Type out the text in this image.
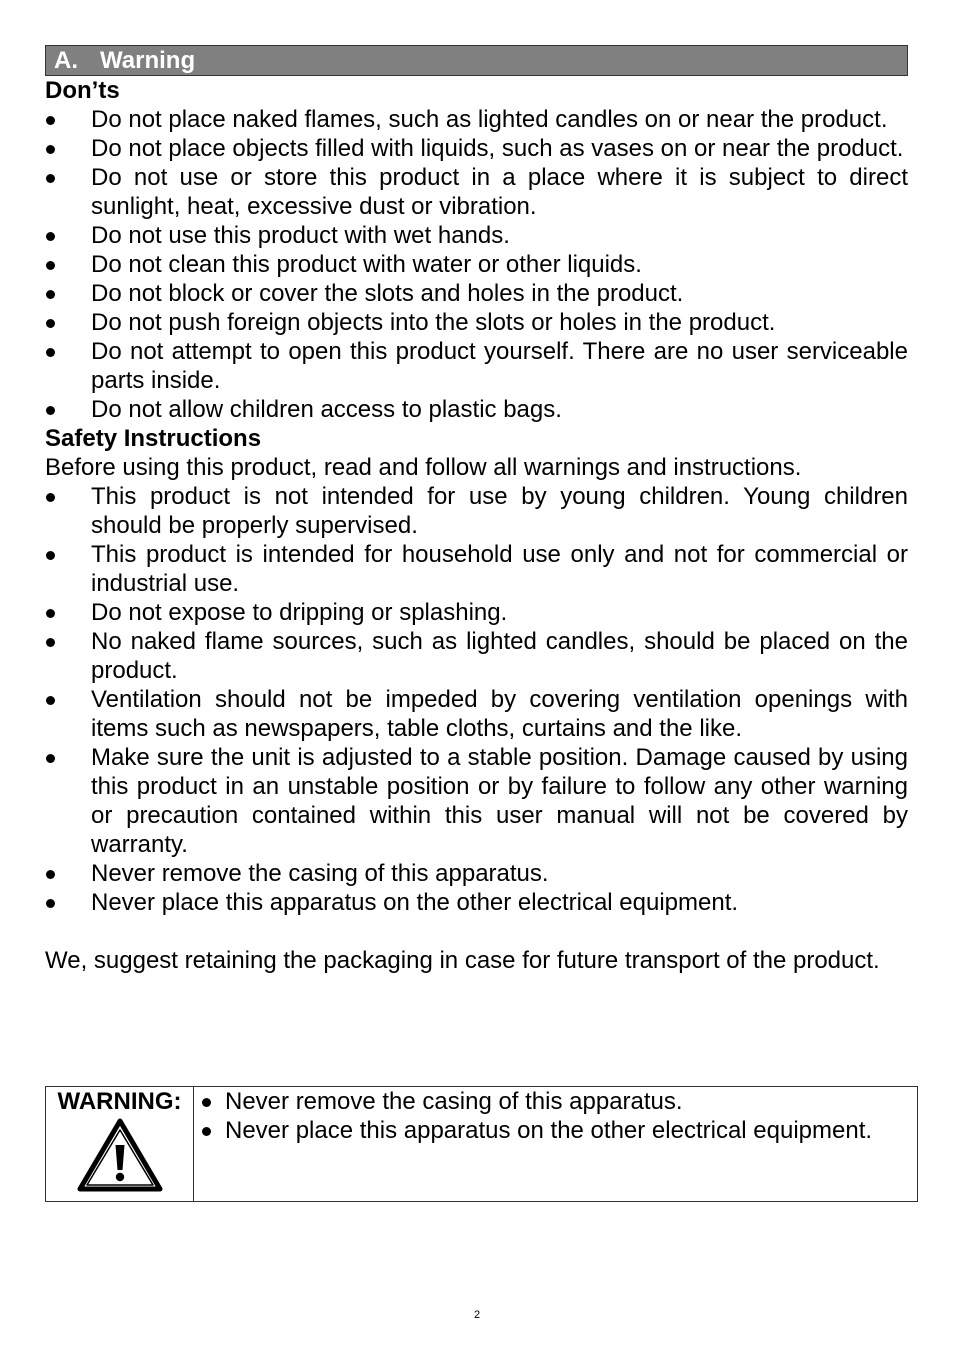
A. Warning
Don’ts
Do not place naked flames, such as lighted candles on or near the product.
Do not place objects filled with liquids, such as vases on or near the product.
Do not use or store this product in a place where it is subject to direct sunlight, heat, excessive dust or vibration.
Do not use this product with wet hands.
Do not clean this product with water or other liquids.
Do not block or cover the slots and holes in the product.
Do not push foreign objects into the slots or holes in the product.
Do not attempt to open this product yourself. There are no user serviceable parts inside.
Do not allow children access to plastic bags.
Safety Instructions
Before using this product, read and follow all warnings and instructions.
This product is not intended for use by young children. Young children should be properly supervised.
This product is intended for household use only and not for commercial or industrial use.
Do not expose to dripping or splashing.
No naked flame sources, such as lighted candles, should be placed on the product.
Ventilation should not be impeded by covering ventilation openings with items such as newspapers, table cloths, curtains and the like.
Make sure the unit is adjusted to a stable position. Damage caused by using this product in an unstable position or by failure to follow any other warning or precaution contained within this user manual will not be covered by warranty.
Never remove the casing of this apparatus.
Never place this apparatus on the other electrical equipment.
We, suggest retaining the packaging in case for future transport of the product.
WARNING:	Never remove the casing of this apparatus.
Never place this apparatus on the other electrical equipment.
2
